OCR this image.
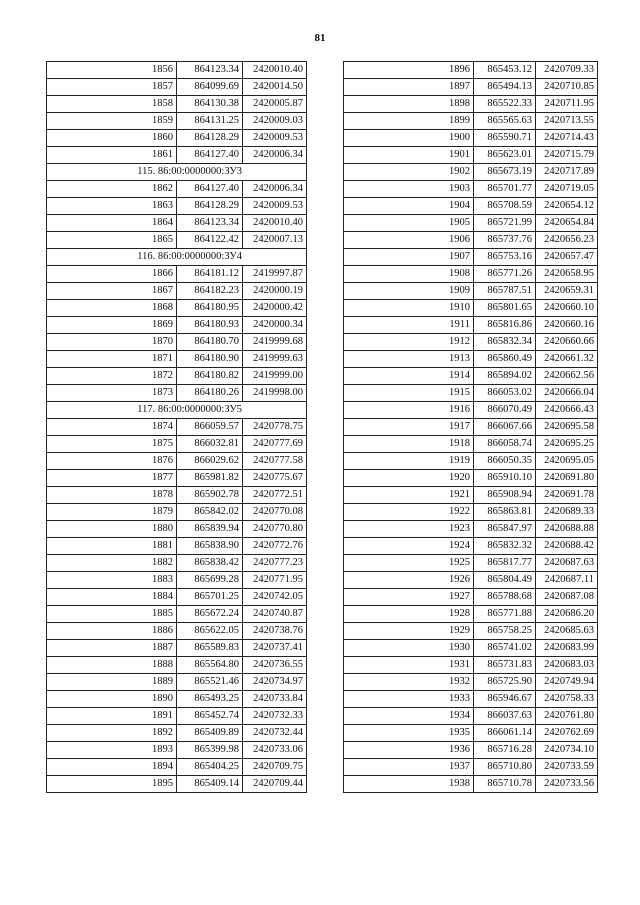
81
1856	864123.34	2420010.40
1857	864099.69	2420014.50
1858	864130.38	2420005.87
1859	864131.25	2420009.03
1860	864128.29	2420009.53
1861	864127.40	2420006.34
115. 86:00:0000000:ЗУ3		
1862	864127.40	2420006.34
1863	864128.29	2420009.53
1864	864123.34	2420010.40
1865	864122.42	2420007.13
116. 86:00:0000000:ЗУ4		
1866	864181.12	2419997.87
1867	864182.23	2420000.19
1868	864180.95	2420000.42
1869	864180.93	2420000.34
1870	864180.70	2419999.68
1871	864180.90	2419999.63
1872	864180.82	2419999.00
1873	864180.26	2419998.00
117. 86:00:0000000:ЗУ5		
1874	866059.57	2420778.75
1875	866032.81	2420777.69
1876	866029.62	2420777.58
1877	865981.82	2420775.67
1878	865902.78	2420772.51
1879	865842.02	2420770.08
1880	865839.94	2420770.80
1881	865838.90	2420772.76
1882	865838.42	2420777.23
1883	865699.28	2420771.95
1884	865701.25	2420742.05
1885	865672.24	2420740.87
1886	865622.05	2420738.76
1887	865589.83	2420737.41
1888	865564.80	2420736.55
1889	865521.46	2420734.97
1890	865493.25	2420733.84
1891	865452.74	2420732.33
1892	865409.89	2420732.44
1893	865399.98	2420733.06
1894	865404.25	2420709.75
1895	865409.14	2420709.44
1896	865453.12	2420709.33
1897	865494.13	2420710.85
1898	865522.33	2420711.95
1899	865565.63	2420713.55
1900	865590.71	2420714.43
1901	865623.01	2420715.79
1902	865673.19	2420717.89
1903	865701.77	2420719.05
1904	865708.59	2420654.12
1905	865721.99	2420654.84
1906	865737.76	2420656.23
1907	865753.16	2420657.47
1908	865771.26	2420658.95
1909	865787.51	2420659.31
1910	865801.65	2420660.10
1911	865816.86	2420660.16
1912	865832.34	2420660.66
1913	865860.49	2420661.32
1914	865894.02	2420662.56
1915	866053.02	2420666.04
1916	866070.49	2420666.43
1917	866067.66	2420695.58
1918	866058.74	2420695.25
1919	866050.35	2420695.05
1920	865910.10	2420691.80
1921	865908.94	2420691.78
1922	865863.81	2420689.33
1923	865847.97	2420688.88
1924	865832.32	2420688.42
1925	865817.77	2420687.63
1926	865804.49	2420687.11
1927	865788.68	2420687.08
1928	865771.88	2420686.20
1929	865758.25	2420685.63
1930	865741.02	2420683.99
1931	865731.83	2420683.03
1932	865725.90	2420749.94
1933	865946.67	2420758.33
1934	866037.63	2420761.80
1935	866061.14	2420762.69
1936	865716.28	2420734.10
1937	865710.80	2420733.59
1938	865710.78	2420733.56
